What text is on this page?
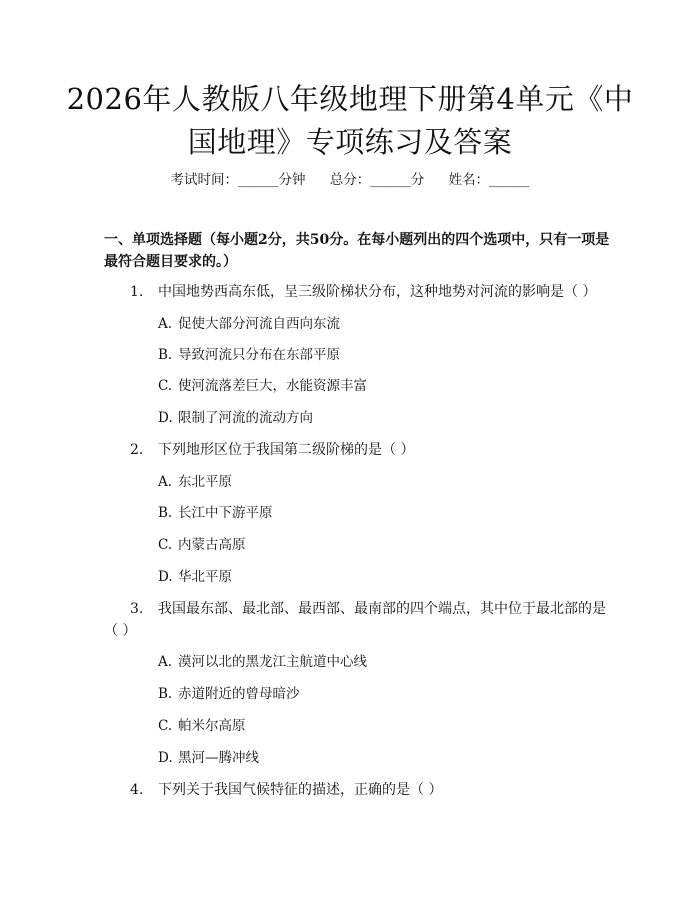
2026年人教版八年级地理下册第4单元《中国地理》专项练习及答案
考试时间：______分钟 总分：______分 姓名：______
一、单项选择题（每小题2分，共50分。在每小题列出的四个选项中，只有一项是最符合题目要求的。）
1.	中国地势西高东低，呈三级阶梯状分布，这种地势对河流的影响是（ ）
A. 促使大部分河流自西向东流
B. 导致河流只分布在东部平原
C. 使河流落差巨大，水能资源丰富
D. 限制了河流的流动方向
2.	下列地形区位于我国第二级阶梯的是（ ）
A. 东北平原
B. 长江中下游平原
C. 内蒙古高原
D. 华北平原
3.	我国最东部、最北部、最西部、最南部的四个端点，其中位于最北部的是
（ ）
A. 漠河以北的黑龙江主航道中心线
B. 赤道附近的曾母暗沙
C. 帕米尔高原
D. 黑河—腾冲线
4.	下列关于我国气候特征的描述，正确的是（ ）
